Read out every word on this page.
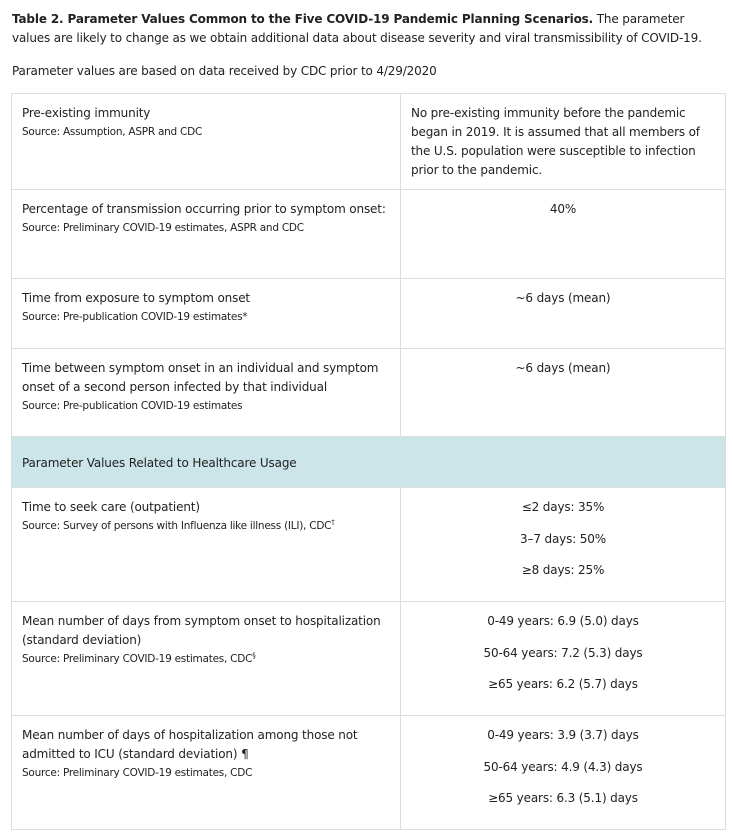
Table 2. Parameter Values Common to the Five COVID-19 Pandemic Planning Scenarios. The parameter values are likely to change as we obtain additional data about disease severity and viral transmissibility of COVID-19.
Parameter values are based on data received by CDC prior to 4/29/2020
Pre-existing immunity
Source: Assumption, ASPR and CDC	No pre-existing immunity before the pandemic began in 2019. It is assumed that all members of the U.S. population were susceptible to infection prior to the pandemic.

Percentage of transmission occurring prior to symptom onset:
Source: Preliminary COVID-19 estimates, ASPR and CDC	40%

Time from exposure to symptom onset
Source: Pre-publication COVID-19 estimates*	~6 days (mean)

Time between symptom onset in an individual and symptom onset of a second person infected by that individual
Source: Pre-publication COVID-19 estimates	~6 days (mean)

Parameter Values Related to Healthcare Usage	

Time to seek care (outpatient)
Source: Survey of persons with Influenza like illness (ILI), CDC†	≤2 days: 35%
3–7 days: 50%
≥8 days: 25%

Mean number of days from symptom onset to hospitalization (standard deviation)
Source: Preliminary COVID-19 estimates, CDC§	0-49 years: 6.9 (5.0) days
50-64 years: 7.2 (5.3) days
≥65 years: 6.2 (5.7) days

Mean number of days of hospitalization among those not admitted to ICU (standard deviation) ¶
Source: Preliminary COVID-19 estimates, CDC	0-49 years: 3.9 (3.7) days
50-64 years: 4.9 (4.3) days
≥65 years: 6.3 (5.1) days
